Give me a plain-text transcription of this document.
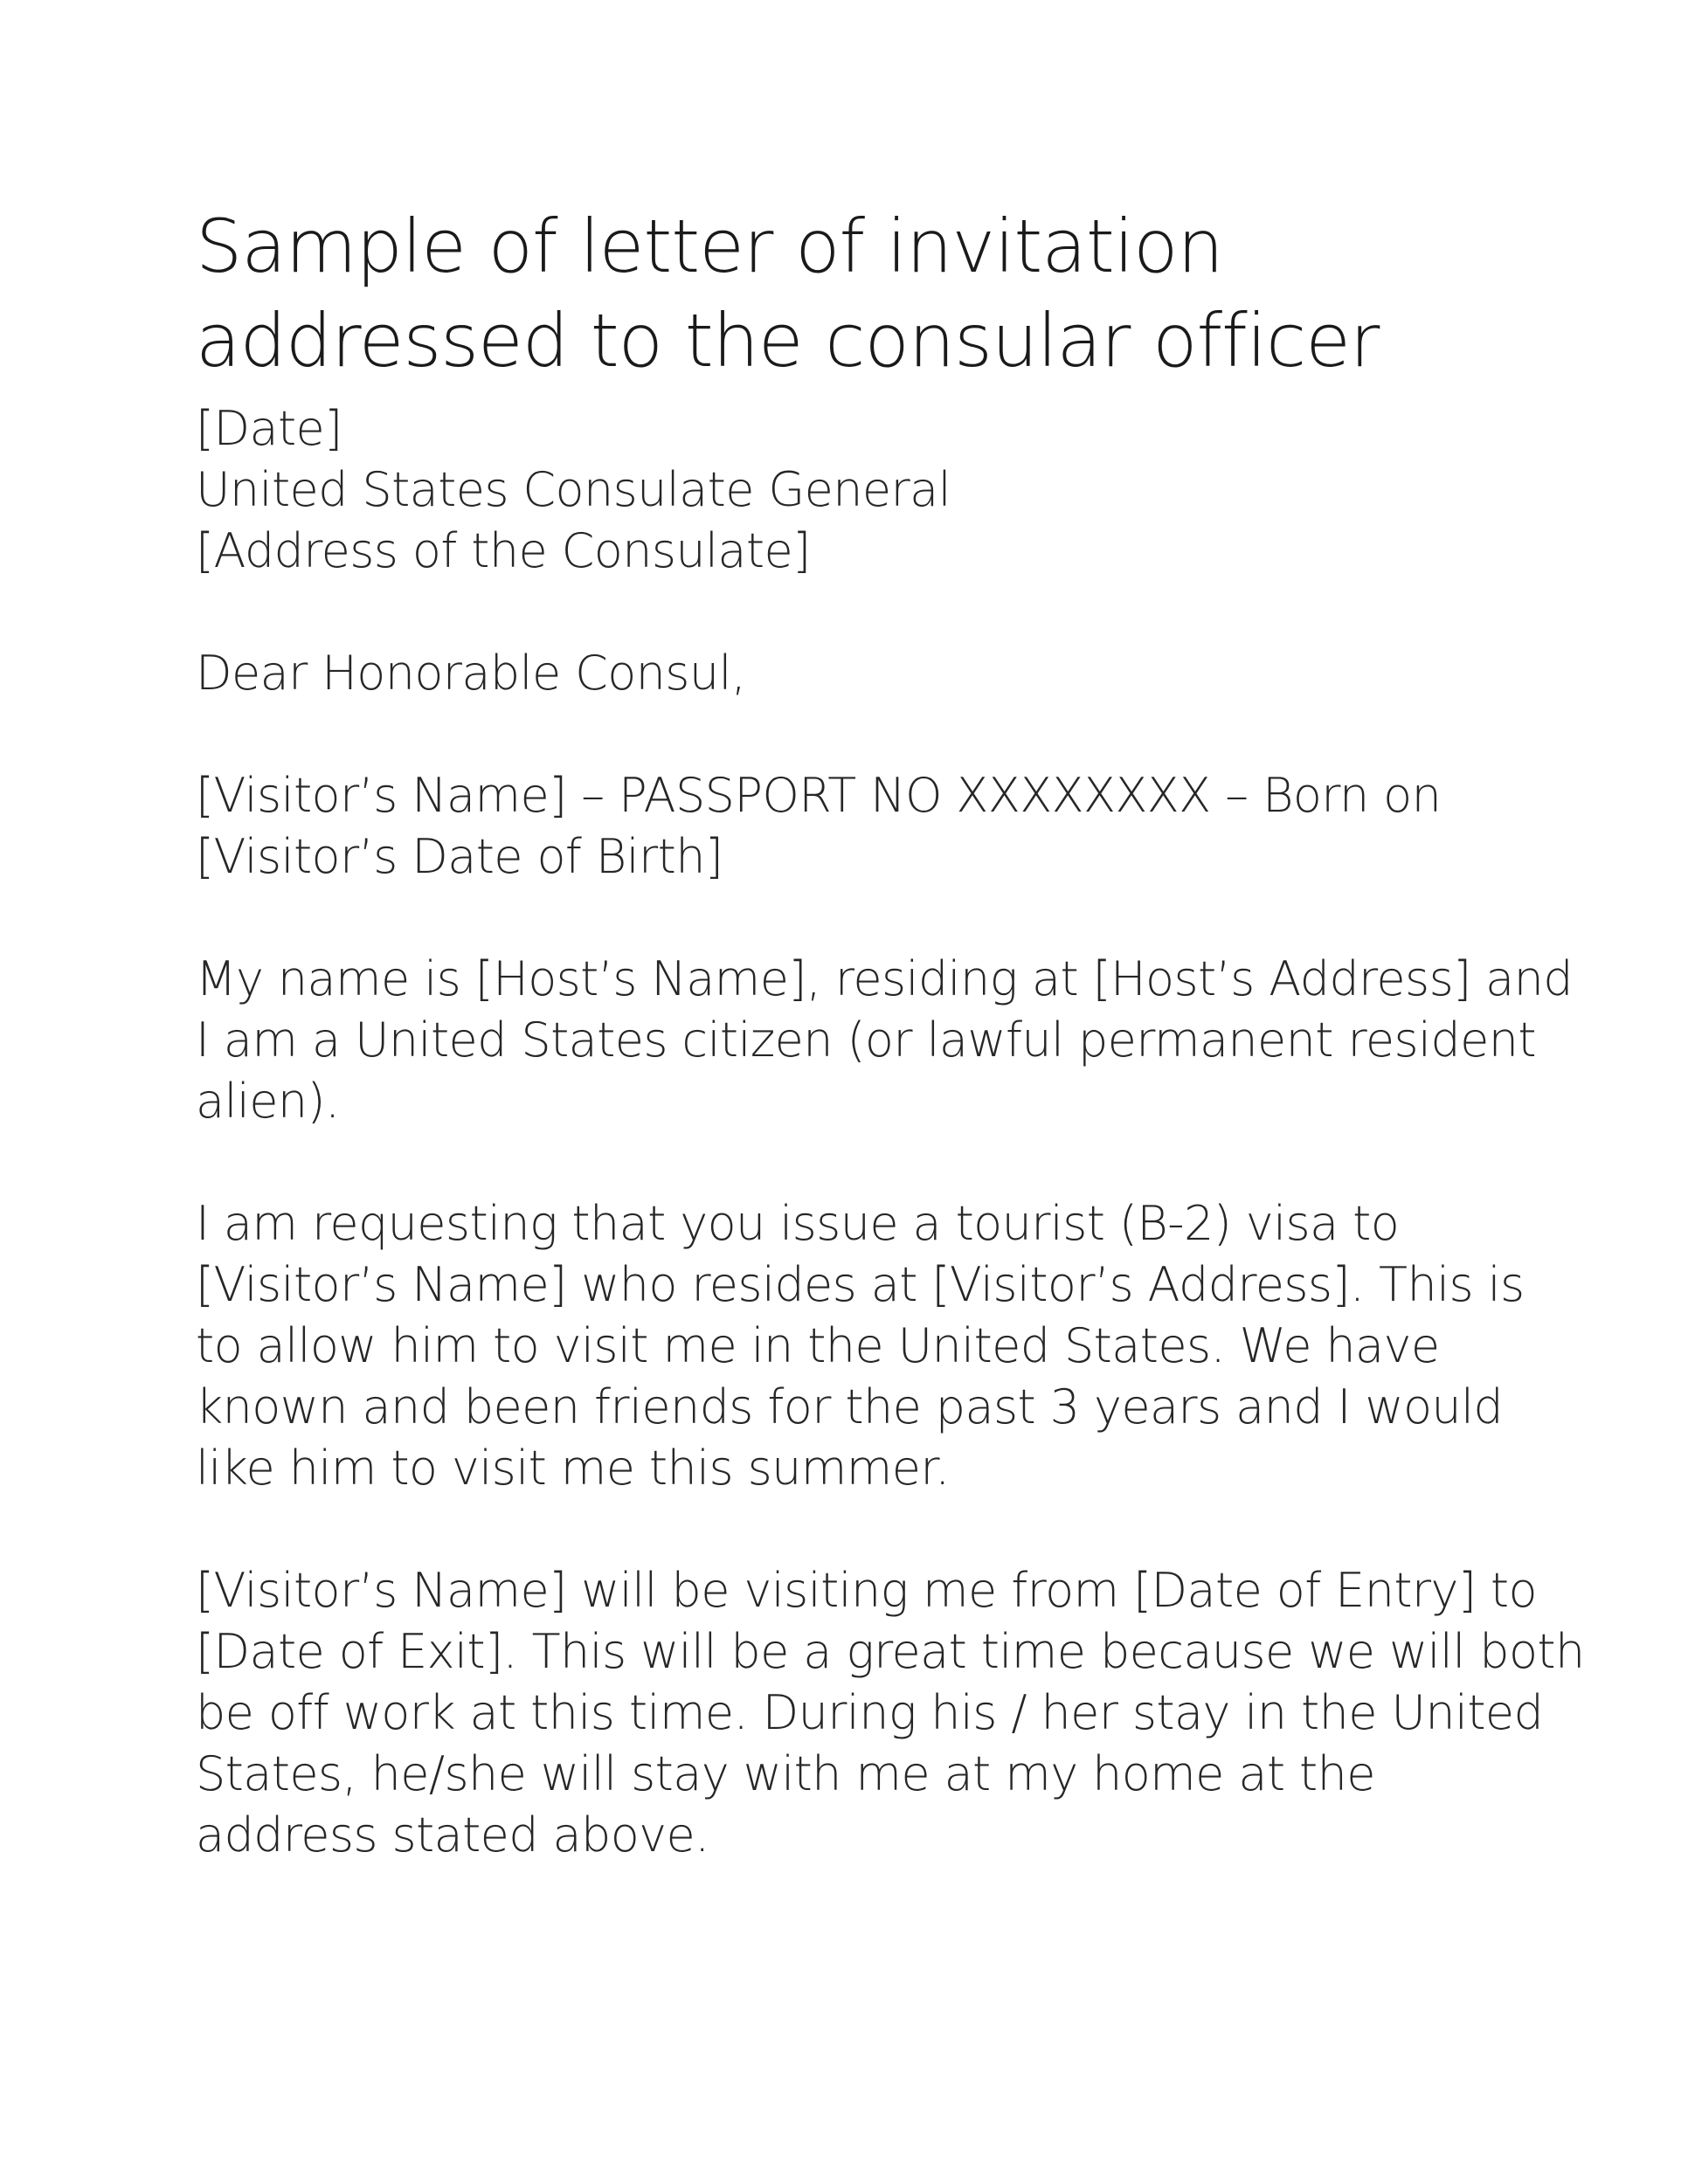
Sample of letter of invitation
addressed to the consular officer
[Date]
United States Consulate General
[Address of the Consulate]
Dear Honorable Consul,

[Visitor’s Name] – PASSPORT NO XXXXXXXX – Born on
[Visitor’s Date of Birth]

My name is [Host’s Name], residing at [Host’s Address] and
I am a United States citizen (or lawful permanent resident
alien).

I am requesting that you issue a tourist (B-2) visa to
[Visitor’s Name] who resides at [Visitor’s Address]. This is
to allow him to visit me in the United States. We have
known and been friends for the past 3 years and I would
like him to visit me this summer.

[Visitor’s Name] will be visiting me from [Date of Entry] to
[Date of Exit]. This will be a great time because we will both
be off work at this time. During his / her stay in the United
States, he/she will stay with me at my home at the
address stated above.
